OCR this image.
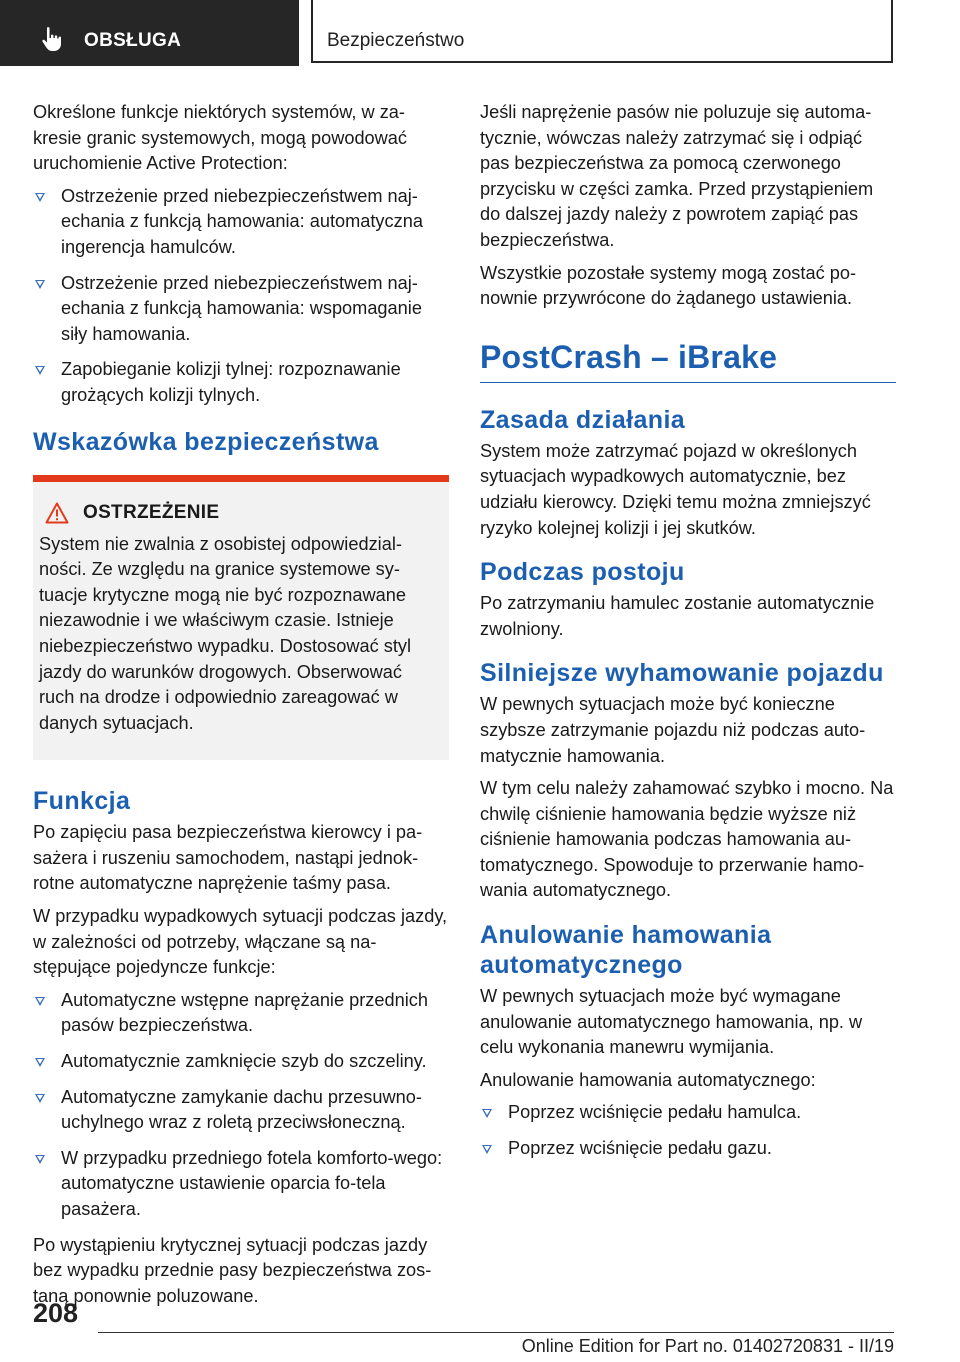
OBSŁUGA	Bezpieczeństwo

Określone funkcje niektórych systemów, w za-kresie granic systemowych, mogą powodować uruchomienie Active Protection:

Ostrzeżenie przed niebezpieczeństwem naj-echania z funkcją hamowania: automatyczna ingerencja hamulców.
Ostrzeżenie przed niebezpieczeństwem naj-echania z funkcją hamowania: wspomaganie siły hamowania.
Zapobieganie kolizji tylnej: rozpoznawanie grożących kolizji tylnych.
Wskazówka bezpieczeństwa
OSTRZEŻENIE

System nie zwalnia z osobistej odpowiedzial-ności. Ze względu na granice systemowe sy-tuacje krytyczne mogą nie być rozpoznawane niezawodnie i we właściwym czasie. Istnieje niebezpieczeństwo wypadku. Dostosować styl jazdy do warunków drogowych. Obserwować ruch na drodze i odpowiednio zareagować w danych sytuacjach.

Funkcja

Po zapięciu pasa bezpieczeństwa kierowcy i pa-sażera i ruszeniu samochodem, nastąpi jednok-rotne automatyczne naprężenie taśmy pasa.

W przypadku wypadkowych sytuacji podczas jazdy, w zależności od potrzeby, włączane są na-stępujące pojedyncze funkcje:

Automatyczne wstępne naprężanie przednich pasów bezpieczeństwa.
Automatycznie zamknięcie szyb do szczeliny.
Automatyczne zamykanie dachu przesuwno-uchylnego wraz z roletą przeciwsłoneczną.
W przypadku przedniego fotela komforto-wego: automatyczne ustawienie oparcia fo-tela pasażera.

Po wystąpieniu krytycznej sytuacji podczas jazdy bez wypadku przednie pasy bezpieczeństwa zos-taną ponownie poluzowane.

Jeśli naprężenie pasów nie poluzuje się automa-tycznie, wówczas należy zatrzymać się i odpiąć pas bezpieczeństwa za pomocą czerwonego przycisku w części zamka. Przed przystąpieniem do dalszej jazdy należy z powrotem zapiąć pas bezpieczeństwa.

Wszystkie pozostałe systemy mogą zostać po-nownie przywrócone do żądanego ustawienia.

PostCrash – iBrake
Zasada działania

System może zatrzymać pojazd w określonych sytuacjach wypadkowych automatycznie, bez udziału kierowcy. Dzięki temu można zmniejszyć ryzyko kolejnej kolizji i jej skutków.

Podczas postoju

Po zatrzymaniu hamulec zostanie automatycznie zwolniony.

Silniejsze wyhamowanie pojazdu

W pewnych sytuacjach może być konieczne szybsze zatrzymanie pojazdu niż podczas auto-matycznie hamowania.

W tym celu należy zahamować szybko i mocno. Na chwilę ciśnienie hamowania będzie wyższe niż ciśnienie hamowania podczas hamowania au-tomatycznego. Spowoduje to przerwanie hamo-wania automatycznego.

Anulowanie hamowania automatycznego

W pewnych sytuacjach może być wymagane anulowanie automatycznego hamowania, np. w celu wykonania manewru wymijania.

Anulowanie hamowania automatycznego:

Poprzez wciśnięcie pedału hamulca.
Poprzez wciśnięcie pedału gazu.
208
Online Edition for Part no. 01402720831 - II/19
